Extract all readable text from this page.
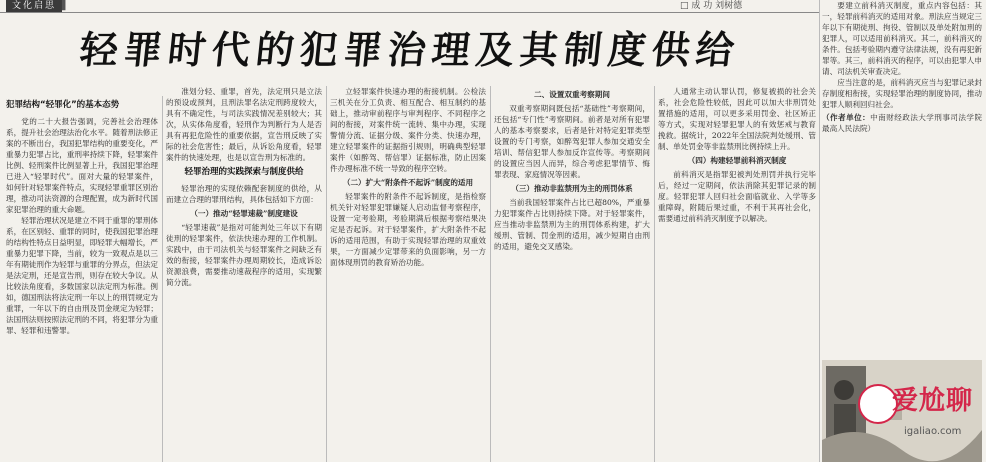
文化启思 ▌	□ 成 功 刘树德
轻罪时代的犯罪治理及其制度供给
犯罪结构“轻罪化”的基本态势

党的二十大报告强调，完善社会治理体系，提升社会治理法治化水平。随着刑法修正案的不断出台，我国犯罪结构的重要变化，严重暴力犯罪占比，重刑率持续下降，轻罪案件比例、轻刑案件比例显著上升，我国犯罪治理已进入“轻罪时代”。面对大量的轻罪案件，如何针对轻罪案件特点，实现轻罪重罪区别治理，推动司法资源的合理配置，成为新时代国家犯罪治理的重大命题。

轻罪治理状况是建立不同于重罪的罪刑体系，在区别轻、重罪的同时，使我国犯罪治理的结构性特点日益明显，即轻罪大幅增长，严重暴力犯罪下降，当前，较为一致观点是以三年有期徒刑作为轻罪与重罪的分界点，但法定是法定刑，还是宣告刑，则存在较大争议。从比较法角度看，多数国家以法定刑为标准。例如，德国刑法将法定刑一年以上的刑罚规定为重罪，一年以下的自由刑及罚金规定为轻罪；法国刑法则按照法定刑的不同，将犯罪分为重罪、轻罪和违警罪。

准划分轻、重罪，首先，法定刑只是立法的预设或预判，且刑法罪名法定刑跨度较大，具有不确定性，与司法实践情况差别较大；其次，从实体角度看，轻刑作为判断行为人是否具有再犯危险性的重要依据，宣告刑反映了实际的社会危害性；最后，从诉讼角度看，轻罪案件的快速处理，也是以宣告刑为标准的。

轻罪治理的实践探索与制度供给

轻罪治理的实现依赖配套制度的供给，从而建立合理的罪刑结构，具体包括如下方面：

（一）推动“轻罪速裁”制度建设

“轻罪速裁”是指对可能判处三年以下有期徒刑的轻罪案件，依法快速办理的工作机制。实践中，由于司法机关与轻罪案件之间缺乏有效的衔接，轻罪案件办理周期较长，造成诉讼资源浪费，需要推动速裁程序的适用，实现繁简分流。

立轻罪案件快速办理的衔接机制。公检法三机关在分工负责、相互配合、相互制约的基础上，推动审前程序与审判程序、不同程序之间的衔接，对案件统一流转、集中办理，实现警情分流、证据分级、案件分类、快速办理，建立轻罪案件的证据指引规则，明确典型轻罪案件（如醉驾、帮信罪）证据标准，防止因案件办理标准不统一导致的程序空转。

（二）扩大“附条件不起诉”制度的适用

轻罪案件的附条件不起诉制度，是指检察机关针对轻罪犯罪嫌疑人启动监督考察程序，设置一定考验期，考验期满后根据考察结果决定是否起诉。对于轻罪案件，扩大附条件不起诉的适用范围，有助于实现轻罪治理的双重效果，一方面减少定罪带来的负面影响，另一方面体现刑罚的教育矫治功能。

二、设置双重考察期间

双重考察期间既包括“基础性”考察期间，还包括“专门性”考察期间。前者是对所有犯罪人的基本考察要求，后者是针对特定犯罪类型设置的专门考察，如醉驾犯罪人参加交通安全培训、帮信犯罪人参加反诈宣传等。考察期间的设置应当因人而异，综合考虑犯罪情节、悔罪表现、家庭情况等因素。

（三）推动非监禁刑为主的刑罚体系

当前我国轻罪案件占比已超80%，严重暴力犯罪案件占比则持续下降。对于轻罪案件，应当推动非监禁刑为主的刑罚体系构建，扩大缓刑、管制、罚金刑的适用，减少短期自由刑的适用，避免交叉感染。

人通常主动认罪认罚，修复被损的社会关系，社会危险性较低，因此可以加大非刑罚处置措施的适用，可以更多采用罚金、社区矫正等方式，实现对轻罪犯罪人的有效惩戒与教育挽救。据统计，2022年全国法院判处缓刑、管制、单处罚金等非监禁刑比例持续上升。

（四）构建轻罪前科消灭制度

前科消灭是指罪犯被判处刑罚并执行完毕后，经过一定期间，依法消除其犯罪记录的制度。轻罪犯罪人回归社会面临就业、入学等多重障碍，附随后果过重，不利于其再社会化，需要通过前科消灭制度予以解决。

要建立前科消灭制度，重点内容包括：其一，轻罪前科消灭的适用对象。刑法应当规定三年以下有期徒刑、拘役、管制以及单处附加刑的犯罪人，可以适用前科消灭。其二，前科消灭的条件。包括考验期内遵守法律法规，没有再犯新罪等。其三，前科消灭的程序，可以由犯罪人申请、司法机关审查决定。

应当注意的是，前科消灭应当与犯罪记录封存制度相衔接，实现轻罪治理的制度协同，推动犯罪人顺利回归社会。

（作者单位：中南财经政法大学刑事司法学院 最高人民法院）

爱尬聊
igaliao.com
